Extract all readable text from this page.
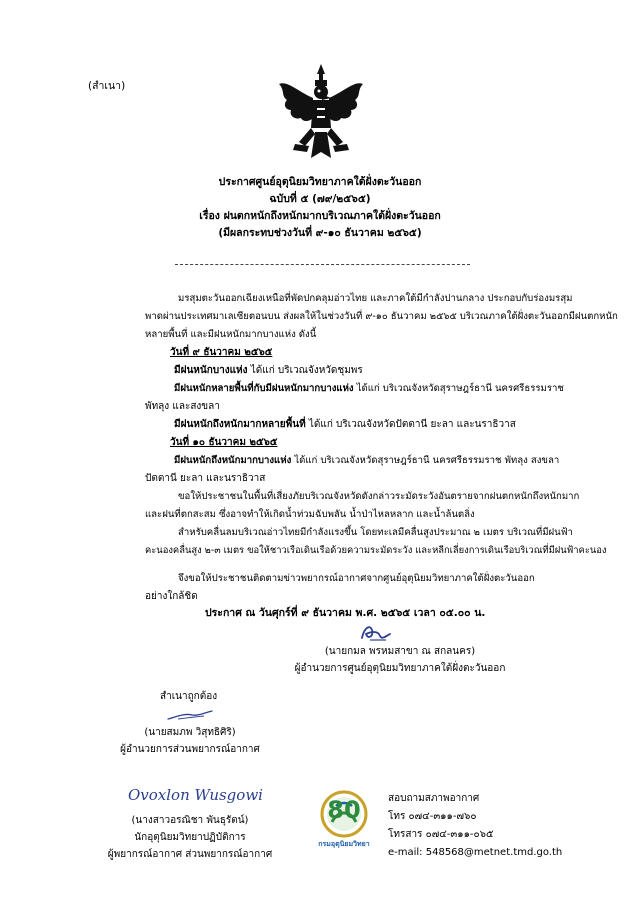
(สำเนา)
ประกาศศูนย์อุตุนิยมวิทยาภาคใต้ฝั่งตะวันออก
ฉบับที่ ๕ (๗๙/๒๕๖๕)
เรื่อง ฝนตกหนักถึงหนักมากบริเวณภาคใต้ฝั่งตะวันออก
(มีผลกระทบช่วงวันที่ ๙-๑๐ ธันวาคม ๒๕๖๕)
มรสุมตะวันออกเฉียงเหนือที่พัดปกคลุมอ่าวไทย และภาคใต้มีกำลังปานกลาง ประกอบกับร่องมรสุม
พาดผ่านประเทศมาเลเซียตอนบน ส่งผลให้ในช่วงวันที่ ๙-๑๐ ธันวาคม ๒๕๖๕ บริเวณภาคใต้ฝั่งตะวันออกมีฝนตกหนัก
หลายพื้นที่ และมีฝนหนักมากบางแห่ง ดังนี้
วันที่ ๙ ธันวาคม ๒๕๖๕
มีฝนหนักบางแห่ง ได้แก่ บริเวณจังหวัดชุมพร
มีฝนหนักหลายพื้นที่กับมีฝนหนักมากบางแห่ง ได้แก่ บริเวณจังหวัดสุราษฎร์ธานี นครศรีธรรมราช
พัทลุง และสงขลา
มีฝนหนักถึงหนักมากหลายพื้นที่ ได้แก่ บริเวณจังหวัดปัตตานี ยะลา และนราธิวาส
วันที่ ๑๐ ธันวาคม ๒๕๖๕
มีฝนหนักถึงหนักมากบางแห่ง ได้แก่ บริเวณจังหวัดสุราษฎร์ธานี นครศรีธรรมราช พัทลุง สงขลา
ปัตตานี ยะลา และนราธิวาส
ขอให้ประชาชนในพื้นที่เสี่ยงภัยบริเวณจังหวัดดังกล่าวระมัดระวังอันตรายจากฝนตกหนักถึงหนักมาก
และฝนที่ตกสะสม ซึ่งอาจทำให้เกิดน้ำท่วมฉับพลัน น้ำป่าไหลหลาก และน้ำล้นตลิ่ง
สำหรับคลื่นลมบริเวณอ่าวไทยมีกำลังแรงขึ้น โดยทะเลมีคลื่นสูงประมาณ ๒ เมตร บริเวณที่มีฝนฟ้า
คะนองคลื่นสูง ๒-๓ เมตร ขอให้ชาวเรือเดินเรือด้วยความระมัดระวัง และหลีกเลี่ยงการเดินเรือบริเวณที่มีฝนฟ้าคะนอง
จึงขอให้ประชาชนติดตามข่าวพยากรณ์อากาศจากศูนย์อุตุนิยมวิทยาภาคใต้ฝั่งตะวันออก
อย่างใกล้ชิด
ประกาศ ณ วันศุกร์ที่ ๙ ธันวาคม พ.ศ. ๒๕๖๕ เวลา ๐๕.๐๐ น.
(นายกมล พรหมสาขา ณ สกลนคร)
ผู้อำนวยการศูนย์อุตุนิยมวิทยาภาคใต้ฝั่งตะวันออก
สำเนาถูกต้อง
(นายสมภพ วิสุทธิศิริ)
ผู้อำนวยการส่วนพยากรณ์อากาศ
Ovoxlon Wusgowi
(นางสาวอรณิชา พันธุรัตน์)
นักอุตุนิยมวิทยาปฏิบัติการ
ผู้พยากรณ์อากาศ ส่วนพยากรณ์อากาศ
80
กรมอุตุนิยมวิทยา
สอบถามสภาพอากาศ
โทร ๐๗๔-๓๑๑-๗๖๐
โทรสาร ๐๗๔-๓๑๑-๐๖๕
e-mail: 548568@metnet.tmd.go.th
